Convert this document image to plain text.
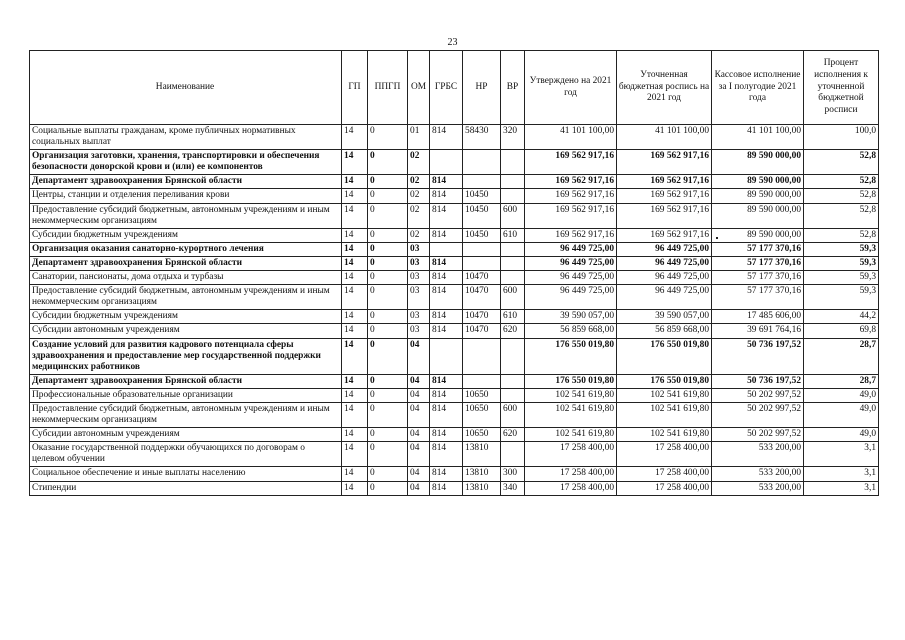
23
Наименование	ГП	ППГП	ОМ	ГРБС	НР	ВР	Утверждено на 2021 год	Уточненная бюджетная роспись на 2021 год	Кассовое исполнение за I полугодие 2021 года	Процент исполнения к уточненной бюджетной росписи
Социальные выплаты гражданам, кроме публичных нормативных социальных выплат	14	0	01	814	58430	320	41 101 100,00	41 101 100,00	41 101 100,00	100,0
Организация заготовки, хранения, транспортировки и обеспечения безопасности донорской крови и (или) ее компонентов	14	0	02				169 562 917,16	169 562 917,16	89 590 000,00	52,8
Департамент здравоохранения Брянской области	14	0	02	814			169 562 917,16	169 562 917,16	89 590 000,00	52,8
Центры, станции и отделения переливания крови	14	0	02	814	10450		169 562 917,16	169 562 917,16	89 590 000,00	52,8
Предоставление субсидий бюджетным, автономным учреждениям и иным некоммерческим организациям	14	0	02	814	10450	600	169 562 917,16	169 562 917,16	89 590 000,00	52,8
Субсидии бюджетным учреждениям	14	0	02	814	10450	610	169 562 917,16	169 562 917,16	89 590 000,00	52,8
Организация оказания санаторно-курортного лечения	14	0	03				96 449 725,00	96 449 725,00	57 177 370,16	59,3
Департамент здравоохранения Брянской области	14	0	03	814			96 449 725,00	96 449 725,00	57 177 370,16	59,3
Санатории, пансионаты, дома отдыха и турбазы	14	0	03	814	10470		96 449 725,00	96 449 725,00	57 177 370,16	59,3
Предоставление субсидий бюджетным, автономным учреждениям и иным некоммерческим организациям	14	0	03	814	10470	600	96 449 725,00	96 449 725,00	57 177 370,16	59,3
Субсидии бюджетным учреждениям	14	0	03	814	10470	610	39 590 057,00	39 590 057,00	17 485 606,00	44,2
Субсидии автономным учреждениям	14	0	03	814	10470	620	56 859 668,00	56 859 668,00	39 691 764,16	69,8
Создание условий для развития кадрового потенциала сферы здравоохранения и предоставление мер государственной поддержки медицинских работников	14	0	04				176 550 019,80	176 550 019,80	50 736 197,52	28,7
Департамент здравоохранения Брянской области	14	0	04	814			176 550 019,80	176 550 019,80	50 736 197,52	28,7
Профессиональные образовательные организации	14	0	04	814	10650		102 541 619,80	102 541 619,80	50 202 997,52	49,0
Предоставление субсидий бюджетным, автономным учреждениям и иным некоммерческим организациям	14	0	04	814	10650	600	102 541 619,80	102 541 619,80	50 202 997,52	49,0
Субсидии автономным учреждениям	14	0	04	814	10650	620	102 541 619,80	102 541 619,80	50 202 997,52	49,0
Оказание государственной поддержки обучающихся по договорам о целевом обучении	14	0	04	814	13810		17 258 400,00	17 258 400,00	533 200,00	3,1
Социальное обеспечение и иные выплаты населению	14	0	04	814	13810	300	17 258 400,00	17 258 400,00	533 200,00	3,1
Стипендии	14	0	04	814	13810	340	17 258 400,00	17 258 400,00	533 200,00	3,1
